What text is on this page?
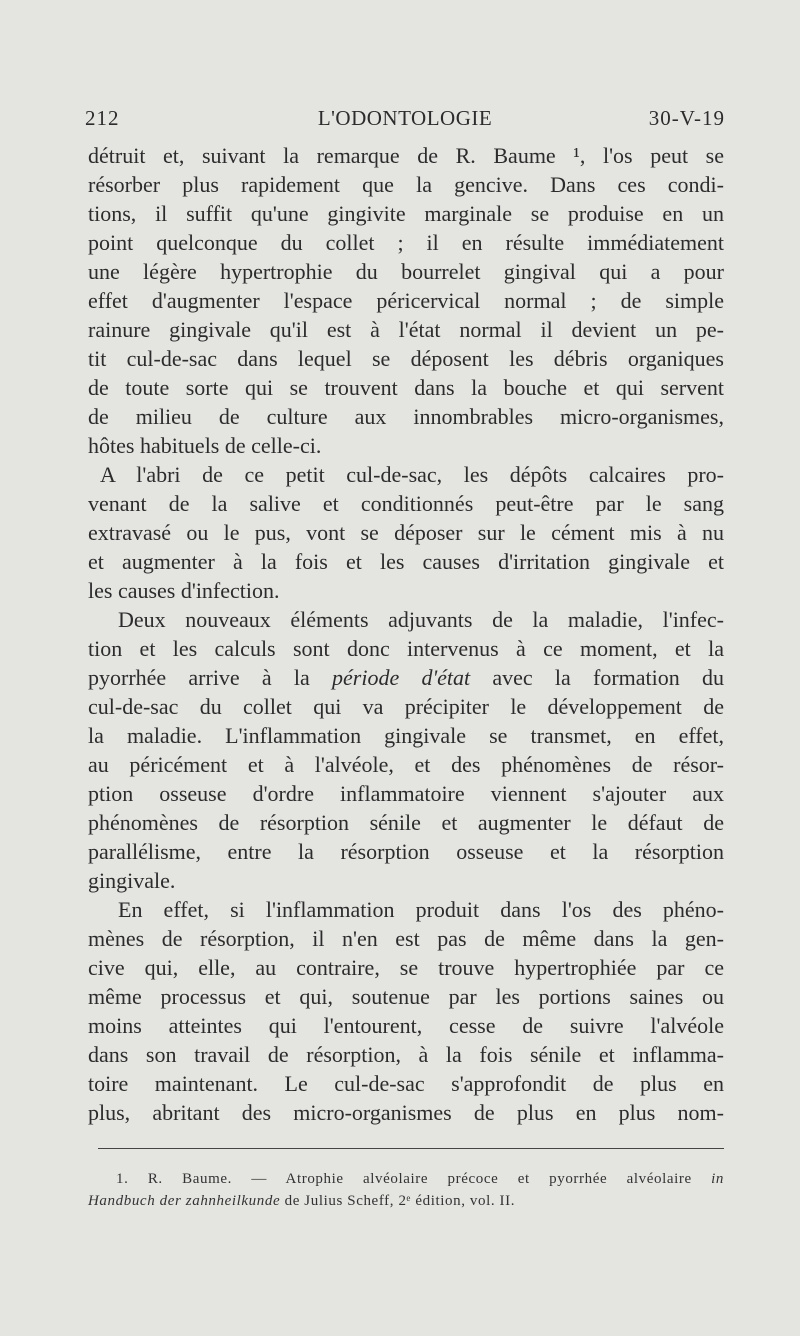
212	L'ODONTOLOGIE	30-V-19

détruit et, suivant la remarque de R. Baume ¹, l'os peut se
résorber plus rapidement que la gencive. Dans ces condi-
tions, il suffit qu'une gingivite marginale se produise en un
point quelconque du collet ; il en résulte immédiatement
une légère hypertrophie du bourrelet gingival qui a pour
effet d'augmenter l'espace péricervical normal ; de simple
rainure gingivale qu'il est à l'état normal il devient un pe-
tit cul-de-sac dans lequel se déposent les débris organiques
de toute sorte qui se trouvent dans la bouche et qui servent
de milieu de culture aux innombrables micro-organismes,
hôtes habituels de celle-ci.

A l'abri de ce petit cul-de-sac, les dépôts calcaires pro-
venant de la salive et conditionnés peut-être par le sang
extravasé ou le pus, vont se déposer sur le cément mis à nu
et augmenter à la fois et les causes d'irritation gingivale et
les causes d'infection.

Deux nouveaux éléments adjuvants de la maladie, l'infec-
tion et les calculs sont donc intervenus à ce moment, et la
pyorrhée arrive à la période d'état avec la formation du
cul-de-sac du collet qui va précipiter le développement de
la maladie. L'inflammation gingivale se transmet, en effet,
au péricément et à l'alvéole, et des phénomènes de résor-
ption osseuse d'ordre inflammatoire viennent s'ajouter aux
phénomènes de résorption sénile et augmenter le défaut de
parallélisme, entre la résorption osseuse et la résorption
gingivale.

En effet, si l'inflammation produit dans l'os des phéno-
mènes de résorption, il n'en est pas de même dans la gen-
cive qui, elle, au contraire, se trouve hypertrophiée par ce
même processus et qui, soutenue par les portions saines ou
moins atteintes qui l'entourent, cesse de suivre l'alvéole
dans son travail de résorption, à la fois sénile et inflamma-
toire maintenant. Le cul-de-sac s'approfondit de plus en
plus, abritant des micro-organismes de plus en plus nom-

1. R. Baume. — Atrophie alvéolaire précoce et pyorrhée alvéolaire in
Handbuch der zahnheilkunde de Julius Scheff, 2ᵉ édition, vol. II.
